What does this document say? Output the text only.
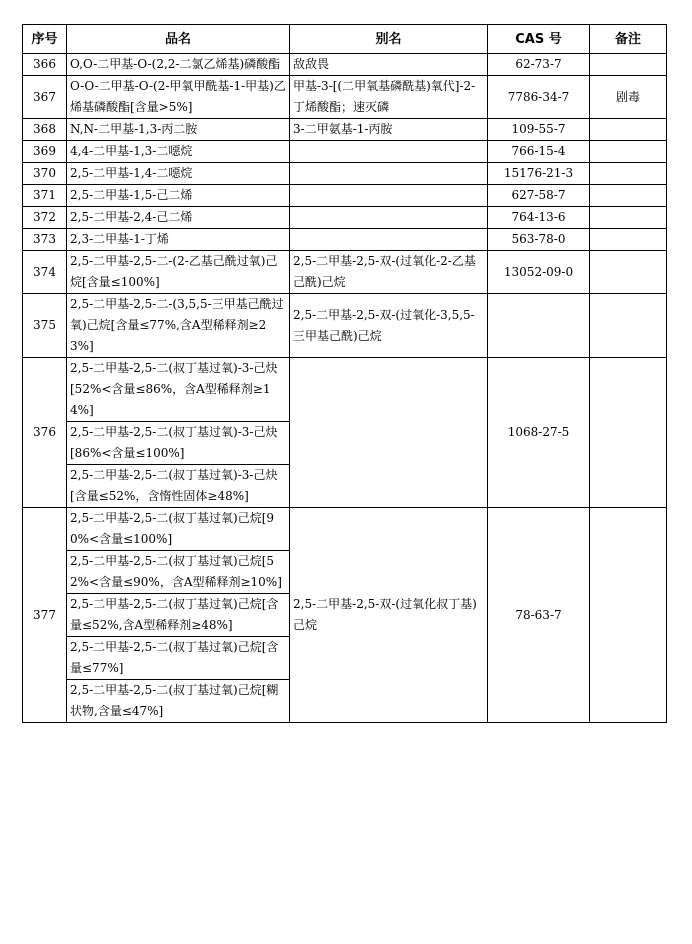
序号	品名	别名	CAS 号	备注
366	O,O-二甲基-O-(2,2-二氯乙烯基)磷酸酯	敌敌畏	62-73-7	
367	O-O-二甲基-O-(2-甲氧甲酰基-1-甲基)乙烯基磷酸酯[含量>5%]	甲基-3-[(二甲氧基磷酰基)氧代]-2-丁烯酸酯；速灭磷	7786-34-7	剧毒
368	N,N-二甲基-1,3-丙二胺	3-二甲氨基-1-丙胺	109-55-7	
369	4,4-二甲基-1,3-二噁烷		766-15-4	
370	2,5-二甲基-1,4-二噁烷		15176-21-3	
371	2,5-二甲基-1,5-己二烯		627-58-7	
372	2,5-二甲基-2,4-己二烯		764-13-6	
373	2,3-二甲基-1-丁烯		563-78-0	
374	2,5-二甲基-2,5-二-(2-乙基己酰过氧)己烷[含量≤100%]	2,5-二甲基-2,5-双-(过氧化-2-乙基己酰)己烷	13052-09-0	
375	2,5-二甲基-2,5-二-(3,5,5-三甲基己酰过氧)己烷[含量≤77%,含A型稀释剂≥23%]	2,5-二甲基-2,5-双-(过氧化-3,5,5-三甲基己酰)己烷		
376	2,5-二甲基-2,5-二(叔丁基过氧)-3-己炔[52%<含量≤86%，含A型稀释剂≥14%]		1068-27-5	
	2,5-二甲基-2,5-二(叔丁基过氧)-3-己炔[86%<含量≤100%]			
	2,5-二甲基-2,5-二(叔丁基过氧)-3-己炔[含量≤52%，含惰性固体≥48%]			
377	2,5-二甲基-2,5-二(叔丁基过氧)己烷[90%<含量≤100%]	2,5-二甲基-2,5-双-(过氧化叔丁基)己烷	78-63-7	
	2,5-二甲基-2,5-二(叔丁基过氧)己烷[52%<含量≤90%，含A型稀释剂≥10%]			
	2,5-二甲基-2,5-二(叔丁基过氧)己烷[含量≤52%,含A型稀释剂≥48%]			
	2,5-二甲基-2,5-二(叔丁基过氧)己烷[含量≤77%]			
	2,5-二甲基-2,5-二(叔丁基过氧)己烷[糊状物,含量≤47%]			
